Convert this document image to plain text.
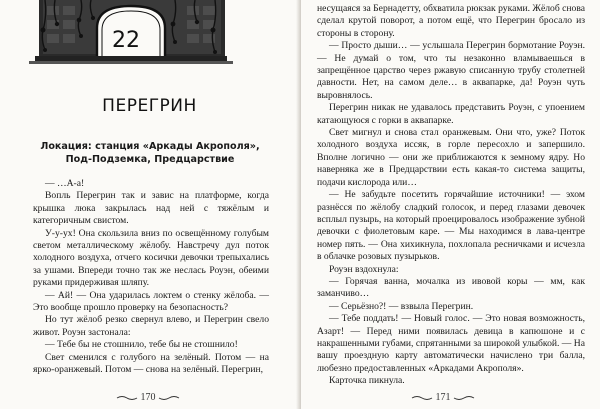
22
ПЕРЕГРИН
Локация: станция «Аркады Акрополя»,
Под-Подземка, Предцарствие

— …А-а!

Вопль Перегрин так и завис на платформе, когда крышка люка закрылась над ней с тяжёлым и категоричным свистом.

У-у-ух! Она скользила вниз по освещённому голубым светом металлическому жёлобу. Навстречу дул поток холодного воздуха, отчего косички девочки трепыхались за ушами. Впереди точно так же неслась Роуэн, обеими руками придерживая шляпу.

— Ай! — Она ударилась локтем о стенку жёлоба. — Это вообще прошло проверку на безопасность?

Но тут жёлоб резко свернул влево, и Перегрин свело живот. Роуэн застонала:

— Тебе бы не стошнило, тебе бы не стошнило!

Свет сменился с голубого на зелёный. Потом — на ярко-оранжевый. Потом — снова на зелёный. Перегрин,

170

несущаяся за Бернадетту, обхватила рюкзак руками. Жёлоб снова сделал крутой поворот, а потом ещё, что Перегрин бросало из стороны в сторону.

— Просто дыши… — услышала Перегрин бормотание Роуэн. — Не думай о том, что ты незаконно вламываешься в запрещённое царство через ржавую списанную трубу столетней давности. Нет, на самом деле… в аквапарке, да! Роуэн чуть выровнялось.

Перегрин никак не удавалось представить Роуэн, с упоением катающуюся с горки в аквапарке.

Свет мигнул и снова стал оранжевым. Они что, уже? Поток холодного воздуха иссяк, в горле пересохло и запершило. Вполне логично — они же приближаются к земному ядру. Но наверняка же в Предцарствии есть какая-то система защиты, подачи кислорода или…

— Не забудьте посетить горячайшие источники! — эхом разнёсся по жёлобу сладкий голосок, и перед глазами девочек всплыл пузырь, на который проецировалось изображение зубной девочки с фиолетовым каре. — Мы находимся в лава-центре номер пять. — Она хихикнула, похлопала ресничками и исчезла в облачке розовых пузырьков.

Роуэн вздохнула:

— Горячая ванна, мочалка из ивовой коры — мм, как заманчиво…

— Серьёзно?! — взвыла Перегрин.

— Тебе поддать! — Новый голос. — Это новая возможность, Азарт! — Перед ними появилась девица в капюшоне и с накрашенными губами, спрятанными за широкой улыбкой. — На вашу проездную карту автоматически начислено три балла, любезно предоставленных «Аркадами Акрополя».

Карточка пикнула.

171
